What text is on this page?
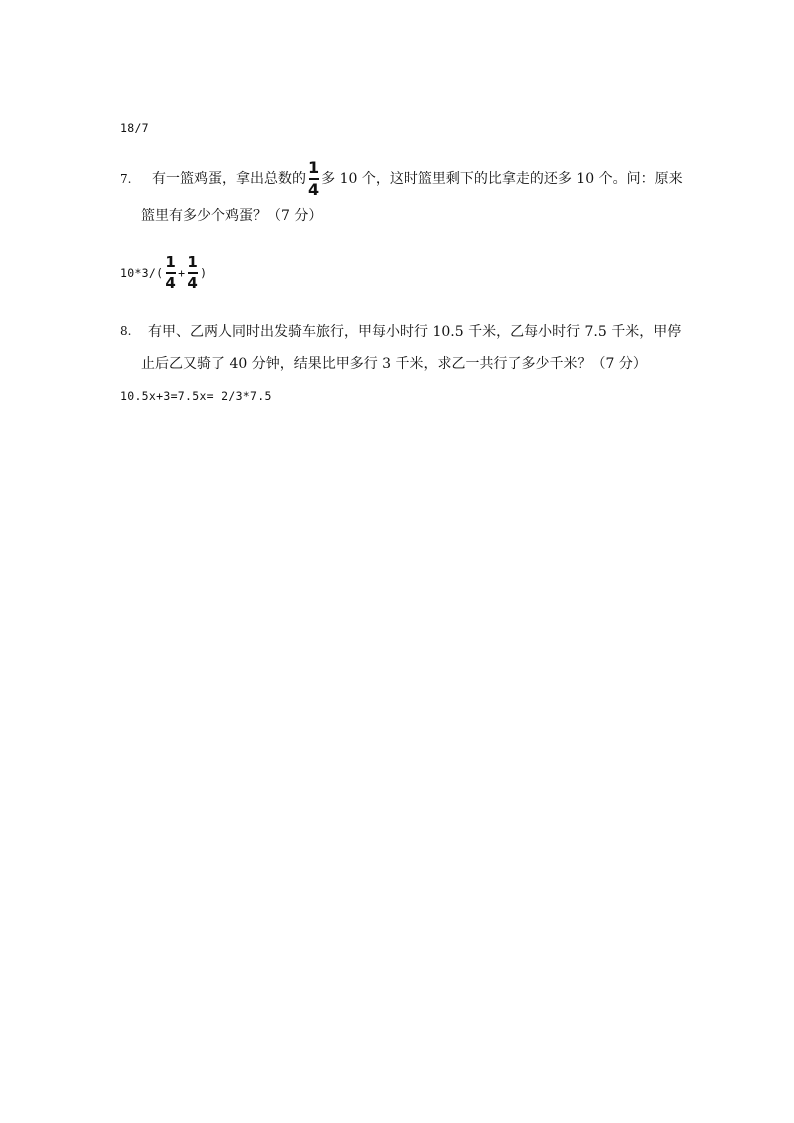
18/7
7. 有一篮鸡蛋，拿出总数的 $\frac{1}{4}$ 多 10 个，这时篮里剩下的比拿走的还多 10 个。问：原来
篮里有多少个鸡蛋？（7 分）
$10*3/( \frac{1}{4} + \frac{1}{4}$ )
8. 有甲、乙两人同时出发骑车旅行，甲每小时行 10.5 千米，乙每小时行 7.5 千米，甲停
止后乙又骑了 40 分钟，结果比甲多行 3 千米，求乙一共行了多少千米？（7 分）
10.5x+3=7.5x= 2/3*7.5
